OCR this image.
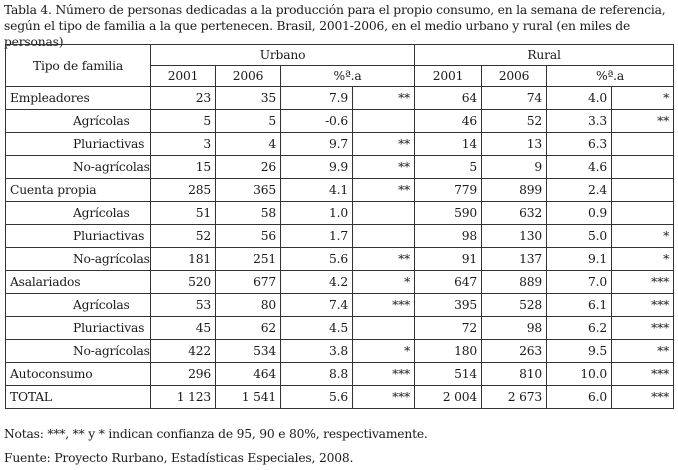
Tabla 4. Número de personas dedicadas a la producción para el propio consumo, en la semana de referencia, según el tipo de familia a la que pertenecen. Brasil, 2001-2006, en el medio urbano y rural (en miles de personas)
Tipo de familia	Urbano				Rural			
	2001	2006	%ª.a		2001	2006	%ª.a	
Empleadores	23	35	7.9	**	64	74	4.0	*
Agrícolas	5	5	-0.6		46	52	3.3	**
Pluriactivas	3	4	9.7	**	14	13	6.3	
No-agrícolas	15	26	9.9	**	5	9	4.6	
Cuenta propia	285	365	4.1	**	779	899	2.4	
Agrícolas	51	58	1.0		590	632	0.9	
Pluriactivas	52	56	1.7		98	130	5.0	*
No-agrícolas	181	251	5.6	**	91	137	9.1	*
Asalariados	520	677	4.2	*	647	889	7.0	***
Agrícolas	53	80	7.4	***	395	528	6.1	***
Pluriactivas	45	62	4.5		72	98	6.2	***
No-agrícolas	422	534	3.8	*	180	263	9.5	**
Autoconsumo	296	464	8.8	***	514	810	10.0	***
TOTAL	1 123	1 541	5.6	***	2 004	2 673	6.0	***
Notas: ***, ** y * indican confianza de 95, 90 e 80%, respectivamente.
Fuente: Proyecto Rurbano, Estadísticas Especiales, 2008.
